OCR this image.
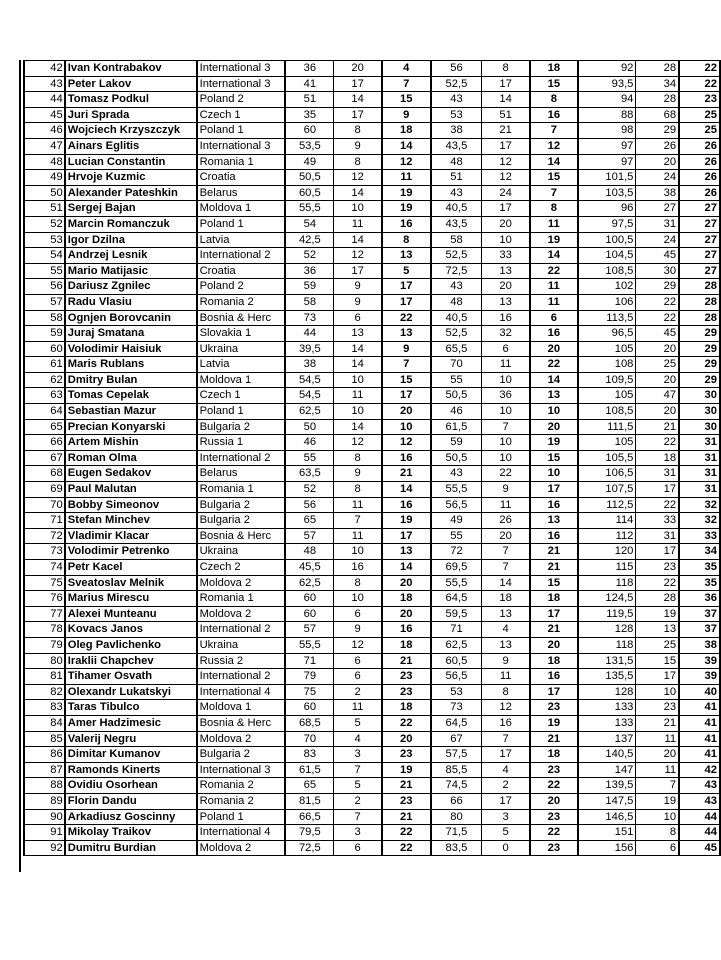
42	Ivan Kontrabakov	International 3	36	20	4	56	8	18	92	28	22
43	Peter Lakov	International 3	41	17	7	52,5	17	15	93,5	34	22
44	Tomasz Podkul	Poland 2	51	14	15	43	14	8	94	28	23
45	Juri Sprada	Czech 1	35	17	9	53	51	16	88	68	25
46	Wojciech Krzyszczyk	Poland 1	60	8	18	38	21	7	98	29	25
47	Ainars Eglitis	International 3	53,5	9	14	43,5	17	12	97	26	26
48	Lucian Constantin	Romania 1	49	8	12	48	12	14	97	20	26
49	Hrvoje Kuzmic	Croatia	50,5	12	11	51	12	15	101,5	24	26
50	Alexander Pateshkin	Belarus	60,5	14	19	43	24	7	103,5	38	26
51	Sergej Bajan	Moldova 1	55,5	10	19	40,5	17	8	96	27	27
52	Marcin Romanczuk	Poland 1	54	11	16	43,5	20	11	97,5	31	27
53	Igor Dzilna	Latvia	42,5	14	8	58	10	19	100,5	24	27
54	Andrzej Lesnik	International 2	52	12	13	52,5	33	14	104,5	45	27
55	Mario Matijasic	Croatia	36	17	5	72,5	13	22	108,5	30	27
56	Dariusz Zgnilec	Poland 2	59	9	17	43	20	11	102	29	28
57	Radu Vlasiu	Romania 2	58	9	17	48	13	11	106	22	28
58	Ognjen Borovcanin	Bosnia & Herc	73	6	22	40,5	16	6	113,5	22	28
59	Juraj Smatana	Slovakia 1	44	13	13	52,5	32	16	96,5	45	29
60	Volodimir Haisiuk	Ukraina	39,5	14	9	65,5	6	20	105	20	29
61	Maris Rublans	Latvia	38	14	7	70	11	22	108	25	29
62	Dmitry Bulan	Moldova 1	54,5	10	15	55	10	14	109,5	20	29
63	Tomas Cepelak	Czech 1	54,5	11	17	50,5	36	13	105	47	30
64	Sebastian Mazur	Poland 1	62,5	10	20	46	10	10	108,5	20	30
65	Precian Konyarski	Bulgaria 2	50	14	10	61,5	7	20	111,5	21	30
66	Artem Mishin	Russia 1	46	12	12	59	10	19	105	22	31
67	Roman Olma	International 2	55	8	16	50,5	10	15	105,5	18	31
68	Eugen Sedakov	Belarus	63,5	9	21	43	22	10	106,5	31	31
69	Paul Malutan	Romania 1	52	8	14	55,5	9	17	107,5	17	31
70	Bobby Simeonov	Bulgaria 2	56	11	16	56,5	11	16	112,5	22	32
71	Stefan Minchev	Bulgaria 2	65	7	19	49	26	13	114	33	32
72	Vladimir Klacar	Bosnia & Herc	57	11	17	55	20	16	112	31	33
73	Volodimir Petrenko	Ukraina	48	10	13	72	7	21	120	17	34
74	Petr Kacel	Czech 2	45,5	16	14	69,5	7	21	115	23	35
75	Sveatoslav Melnik	Moldova 2	62,5	8	20	55,5	14	15	118	22	35
76	Marius Mirescu	Romania 1	60	10	18	64,5	18	18	124,5	28	36
77	Alexei Munteanu	Moldova 2	60	6	20	59,5	13	17	119,5	19	37
78	Kovacs Janos	International 2	57	9	16	71	4	21	128	13	37
79	Oleg Pavlichenko	Ukraina	55,5	12	18	62,5	13	20	118	25	38
80	Iraklii Chapchev	Russia 2	71	6	21	60,5	9	18	131,5	15	39
81	Tihamer Osvath	International 2	79	6	23	56,5	11	16	135,5	17	39
82	Olexandr Lukatskyi	International 4	75	2	23	53	8	17	128	10	40
83	Taras Tibulco	Moldova 1	60	11	18	73	12	23	133	23	41
84	Amer Hadzimesic	Bosnia & Herc	68,5	5	22	64,5	16	19	133	21	41
85	Valerij Negru	Moldova 2	70	4	20	67	7	21	137	11	41
86	Dimitar Kumanov	Bulgaria 2	83	3	23	57,5	17	18	140,5	20	41
87	Ramonds Kinerts	International 3	61,5	7	19	85,5	4	23	147	11	42
88	Ovidiu Osorhean	Romania 2	65	5	21	74,5	2	22	139,5	7	43
89	Florin Dandu	Romania 2	81,5	2	23	66	17	20	147,5	19	43
90	Arkadiusz Goscinny	Poland 1	66,5	7	21	80	3	23	146,5	10	44
91	Mikolay Traikov	International 4	79,5	3	22	71,5	5	22	151	8	44
92	Dumitru Burdian	Moldova 2	72,5	6	22	83,5	0	23	156	6	45
